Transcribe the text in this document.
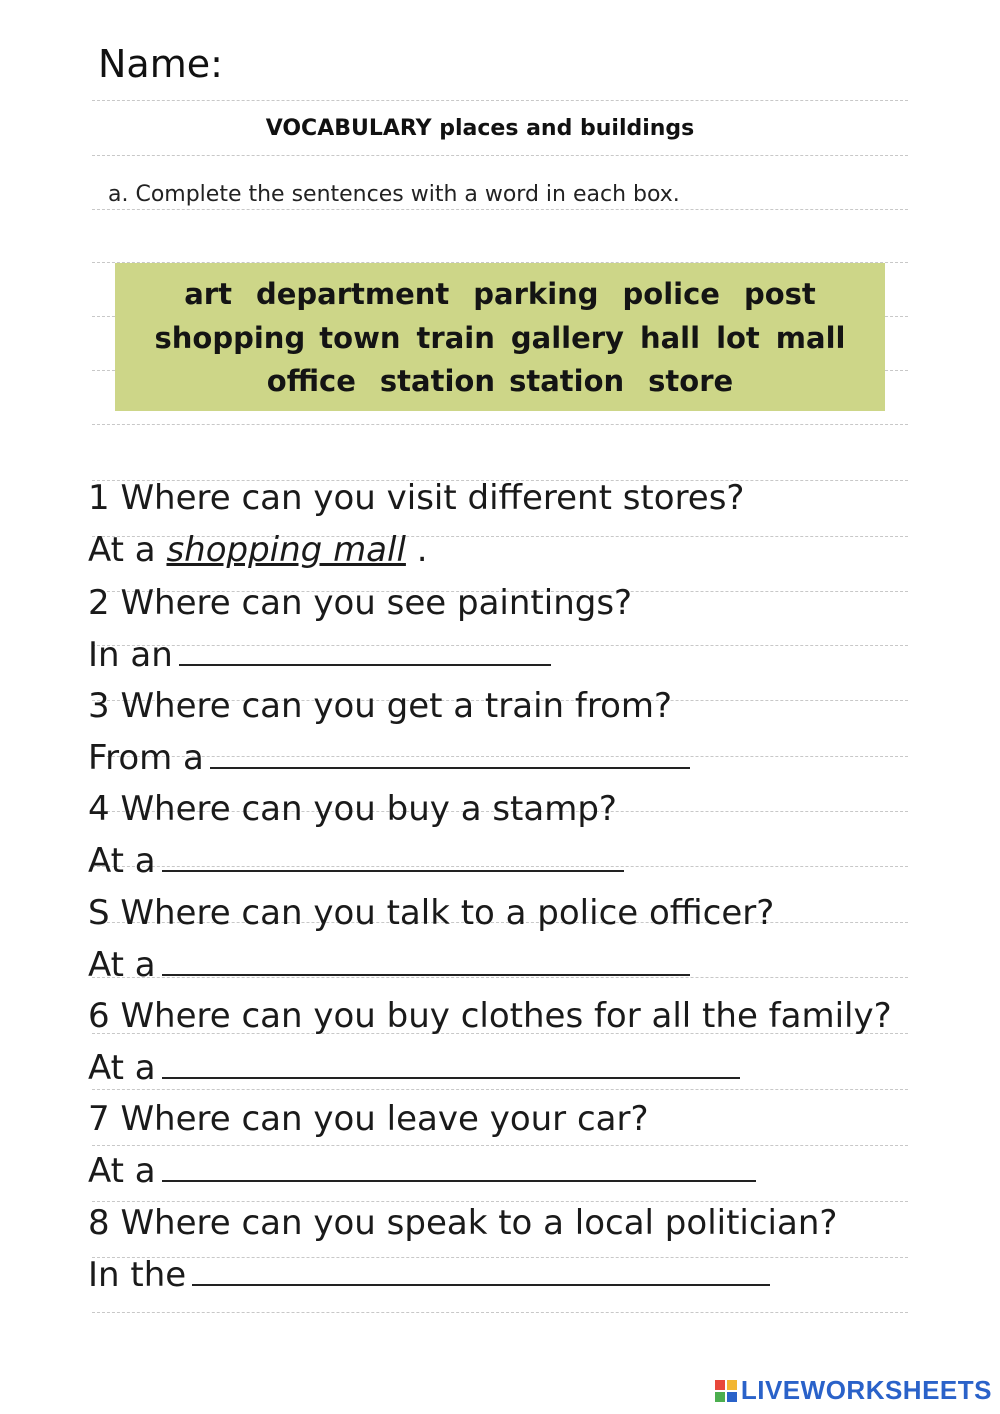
Name:
VOCABULARY places and buildings
a. Complete the sentences with a word in each box.
art department parking police post
shopping town train gallery hall lot mall
office station station store
1 Where can you visit different stores?
At a shopping mall .
2 Where can you see paintings?
In an
3 Where can you get a train from?
From a
4 Where can you buy a stamp?
At a
S Where can you talk to a police officer?
At a
6 Where can you buy clothes for all the family?
At a
7 Where can you leave your car?
At a
8 Where can you speak to a local politician?
In the
LIVEWORKSHEETS
